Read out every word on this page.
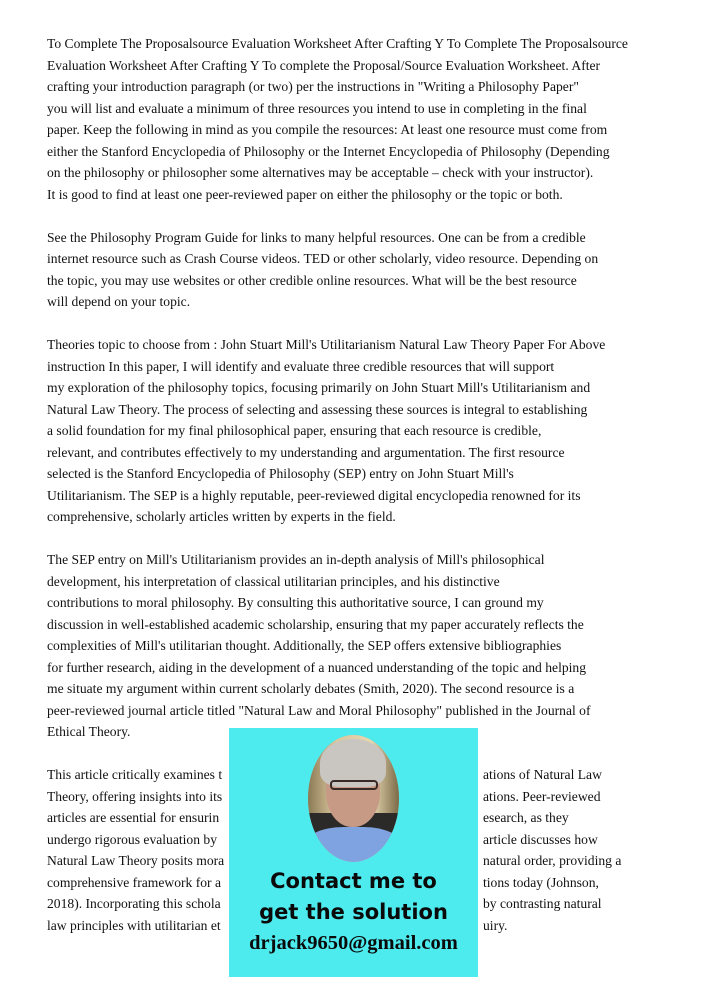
To Complete The Proposalsource Evaluation Worksheet After Crafting Y To Complete The Proposalsource
Evaluation Worksheet After Crafting Y To complete the Proposal/Source Evaluation Worksheet. After
crafting your introduction paragraph (or two) per the instructions in "Writing a Philosophy Paper"
you will list and evaluate a minimum of three resources you intend to use in completing in the final
paper. Keep the following in mind as you compile the resources: At least one resource must come from
either the Stanford Encyclopedia of Philosophy or the Internet Encyclopedia of Philosophy (Depending
on the philosophy or philosopher some alternatives may be acceptable – check with your instructor).
It is good to find at least one peer-reviewed paper on either the philosophy or the topic or both.
See the Philosophy Program Guide for links to many helpful resources. One can be from a credible
internet resource such as Crash Course videos. TED or other scholarly, video resource. Depending on
the topic, you may use websites or other credible online resources. What will be the best resource
will depend on your topic.
Theories topic to choose from : John Stuart Mill's Utilitarianism Natural Law Theory Paper For Above
instruction In this paper, I will identify and evaluate three credible resources that will support
my exploration of the philosophy topics, focusing primarily on John Stuart Mill's Utilitarianism and
Natural Law Theory. The process of selecting and assessing these sources is integral to establishing
a solid foundation for my final philosophical paper, ensuring that each resource is credible,
relevant, and contributes effectively to my understanding and argumentation. The first resource
selected is the Stanford Encyclopedia of Philosophy (SEP) entry on John Stuart Mill's
Utilitarianism. The SEP is a highly reputable, peer-reviewed digital encyclopedia renowned for its
comprehensive, scholarly articles written by experts in the field.
The SEP entry on Mill's Utilitarianism provides an in-depth analysis of Mill's philosophical
development, his interpretation of classical utilitarian principles, and his distinctive
contributions to moral philosophy. By consulting this authoritative source, I can ground my
discussion in well-established academic scholarship, ensuring that my paper accurately reflects the
complexities of Mill's utilitarian thought. Additionally, the SEP offers extensive bibliographies
for further research, aiding in the development of a nuanced understanding of the topic and helping
me situate my argument within current scholarly debates (Smith, 2020). The second resource is a
peer-reviewed journal article titled "Natural Law and Moral Philosophy" published in the Journal of
Ethical Theory.
This article critically examines t	ations of Natural Law
Theory, offering insights into its	ations. Peer-reviewed
articles are essential for ensurin	esearch, as they
undergo rigorous evaluation by	article discusses how
Natural Law Theory posits mora	natural order, providing a
comprehensive framework for a	tions today (Johnson,
2018). Incorporating this schola	by contrasting natural
law principles with utilitarian et	uiry.
Contact me to
get the solution
drjack9650@gmail.com
